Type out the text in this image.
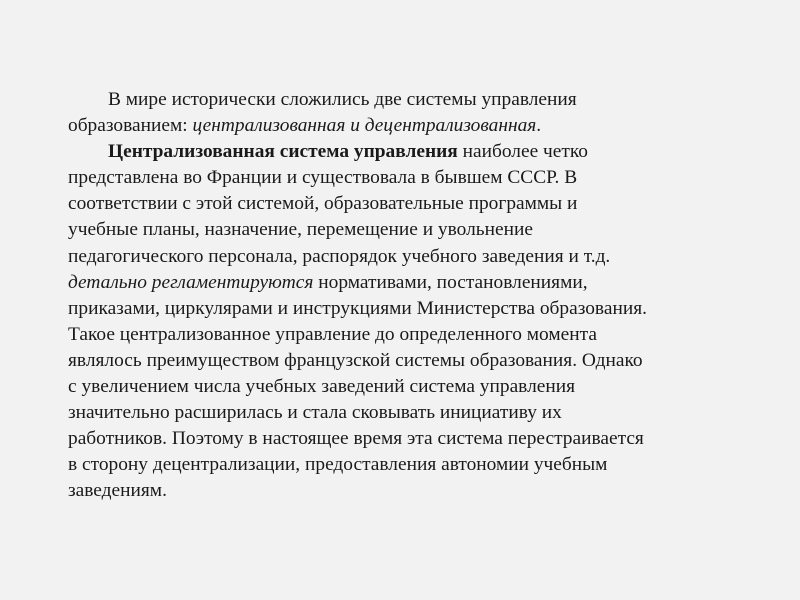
В мире исторически сложились две системы управления
образованием: централизованная и децентрализованная.

Централизованная система управления наиболее четко
представлена во Франции и существовала в бывшем СССР. В
соответствии с этой системой, образовательные программы и
учебные планы, назначение, перемещение и увольнение
педагогического персонала, распорядок учебного заведения и т.д.
детально регламентируются нормативами, постановлениями,
приказами, циркулярами и инструкциями Министерства образования.
Такое централизованное управление до определенного момента
являлось преимуществом французской системы образования. Однако
с увеличением числа учебных заведений система управления
значительно расширилась и стала сковывать инициативу их
работников. Поэтому в настоящее время эта система перестраивается
в сторону децентрализации, предоставления автономии учебным
заведениям.
